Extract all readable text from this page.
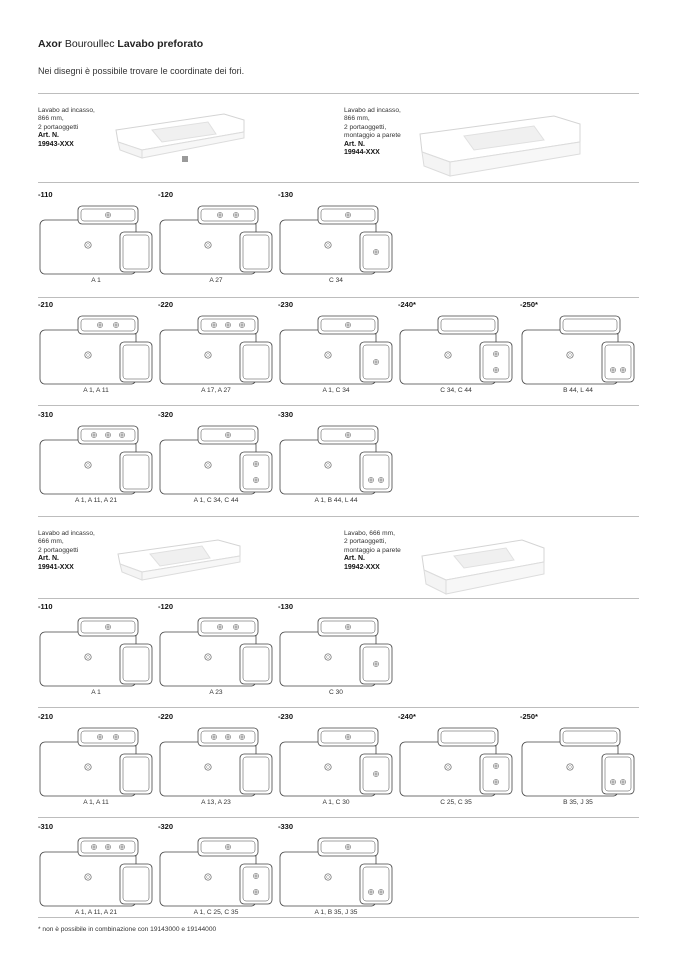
Axor Bouroullec Lavabo preforato
Nei disegni è possibile trovare le coordinate dei fori.
Lavabo ad incasso,
866 mm,
2 portaoggetti
Art. N.
19943-XXX
Lavabo ad incasso,
866 mm,
2 portaoggetti,
montaggio a parete
Art. N.
19944-XXX
-110
A 1
-120
A 27
-130
C 34
-210
A 1, A 11
-220
A 17, A 27
-230
A 1, C 34
-240*
C 34, C 44
-250*
B 44, L 44
-310
A 1, A 11, A 21
-320
A 1, C 34, C 44
-330
A 1, B 44, L 44
Lavabo ad incasso,
666 mm,
2 portaoggetti
Art. N.
19941-XXX
Lavabo, 666 mm,
2 portaoggetti,
montaggio a parete
Art. N.
19942-XXX
-110
A 1
-120
A 23
-130
C 30
-210
A 1, A 11
-220
A 13, A 23
-230
A 1, C 30
-240*
C 25, C 35
-250*
B 35, J 35
-310
A 1, A 11, A 21
-320
A 1, C 25, C 35
-330
A 1, B 35, J 35
* non è possibile in combinazione con 19143000 e 19144000
